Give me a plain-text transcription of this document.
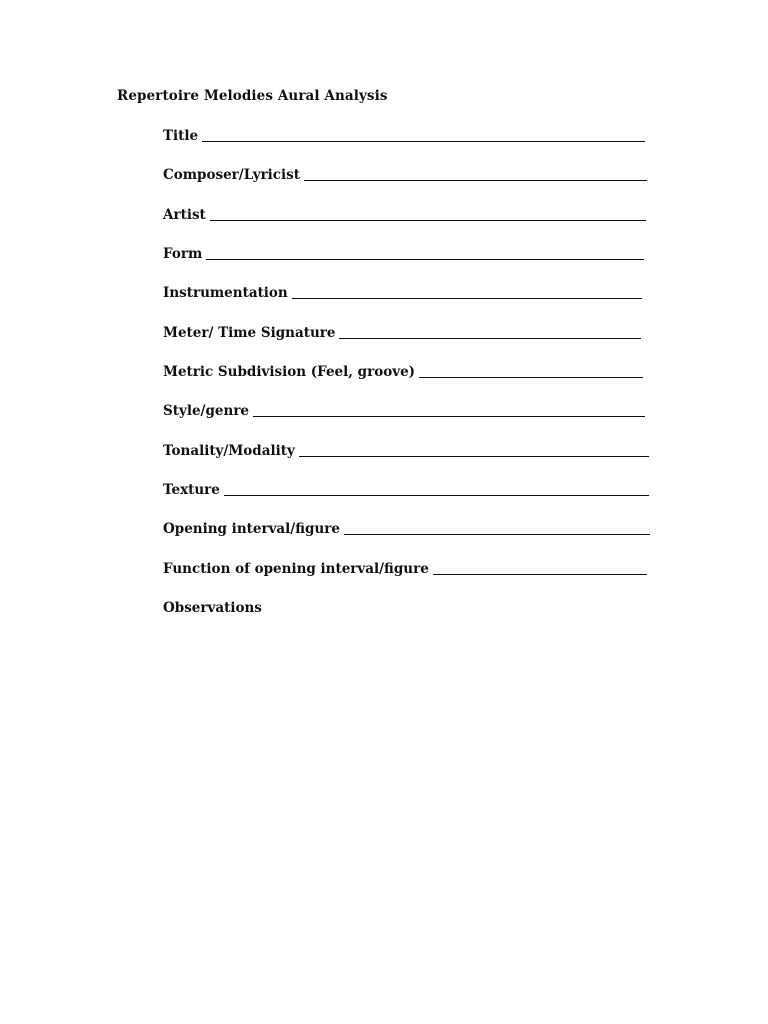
Repertoire Melodies Aural Analysis
Title
Composer/Lyricist
Artist
Form
Instrumentation
Meter/ Time Signature
Metric Subdivision (Feel, groove)
Style/genre
Tonality/Modality
Texture
Opening interval/figure
Function of opening interval/figure
Observations
